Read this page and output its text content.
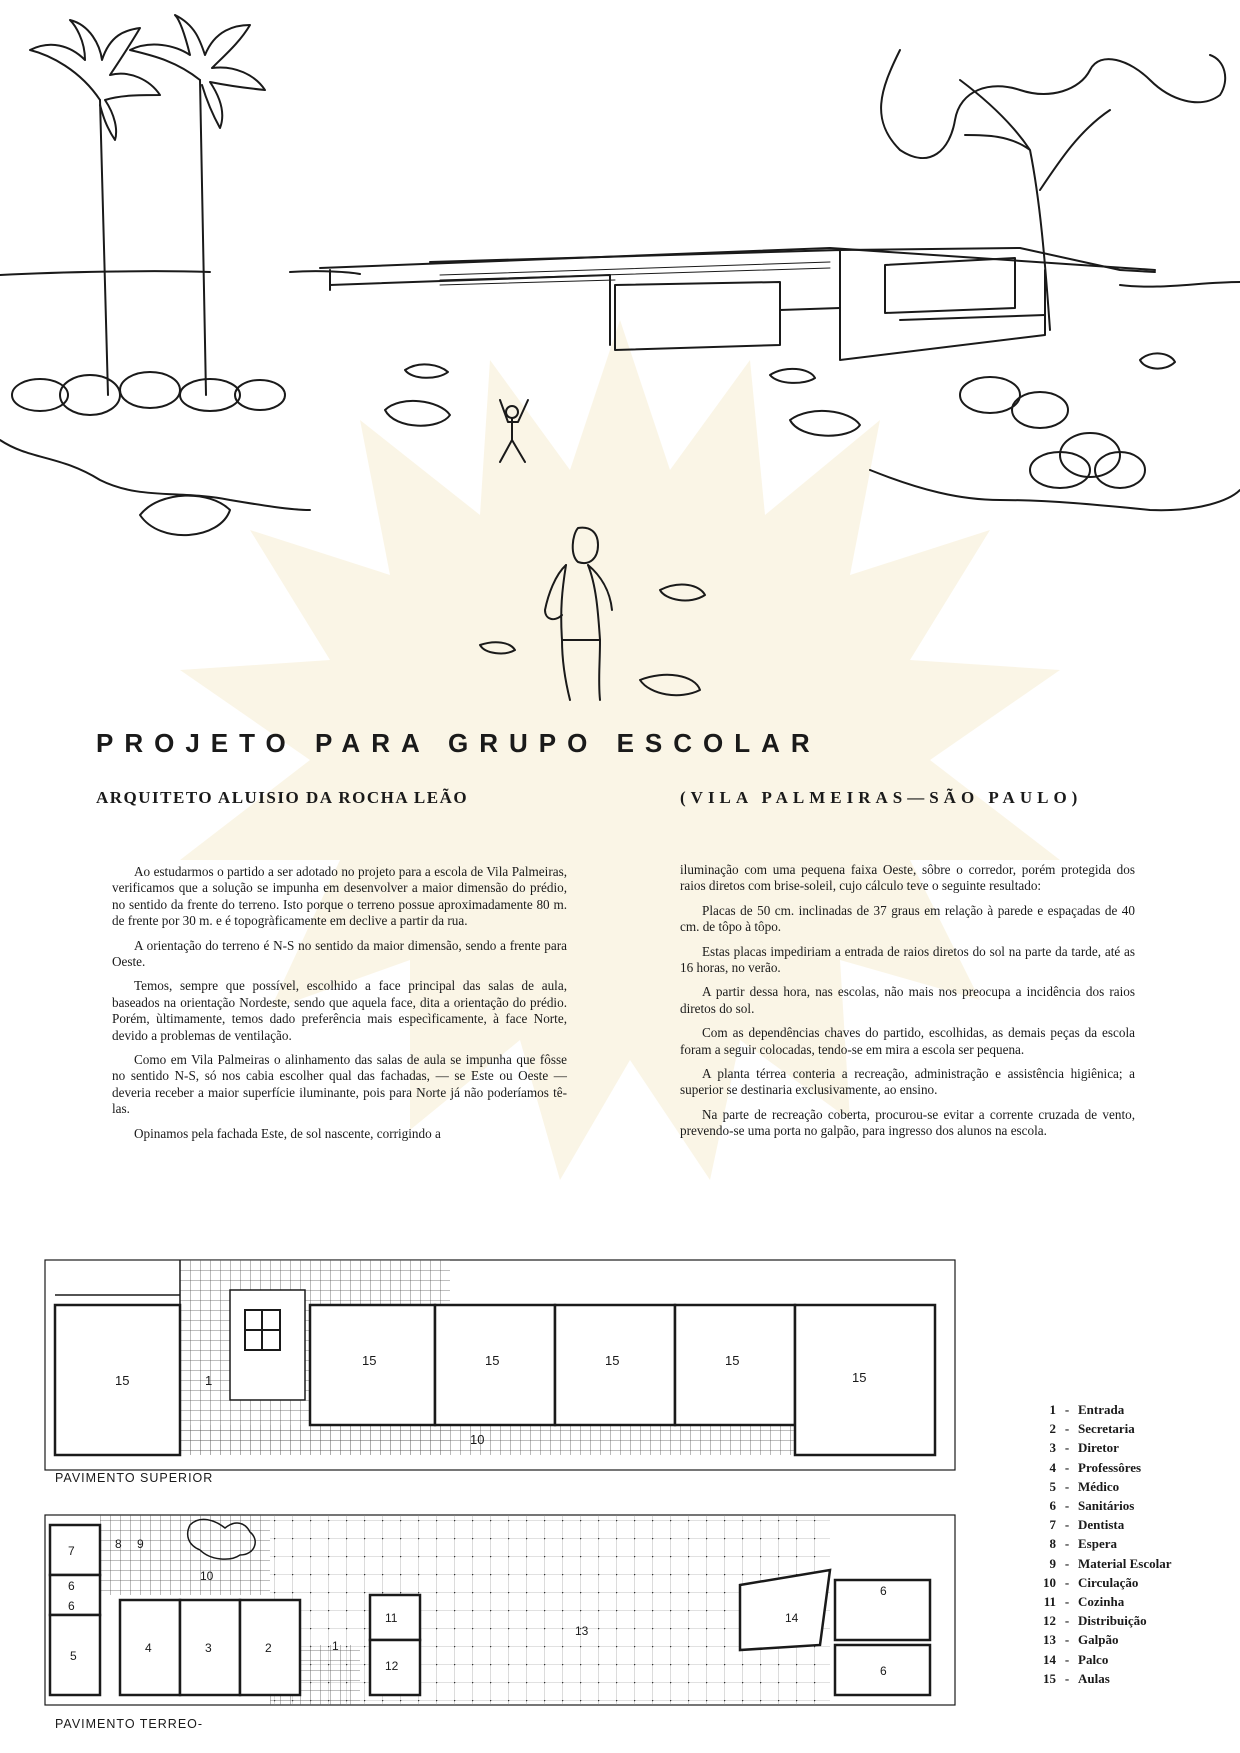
PROJETO PARA GRUPO ESCOLAR
ARQUITETO ALUISIO DA ROCHA LEÃO	(VILA PALMEIRAS—SÃO PAULO)

Ao estudarmos o partido a ser adotado no projeto para a escola de Vila Palmeiras, verificamos que a solução se impunha em desenvolver a maior dimensão do prédio, no sentido da frente do terreno. Isto porque o terreno possue aproximadamente 80 m. de frente por 30 m. e é topogràficamente em declive a partir da rua.

A orientação do terreno é N-S no sentido da maior dimensão, sendo a frente para Oeste.

Temos, sempre que possível, escolhido a face principal das salas de aula, baseados na orientação Nordeste, sendo que aquela face, dita a orientação do prédio. Porém, ùltimamente, temos dado preferência mais especìficamente, à face Norte, devido a problemas de ventilação.

Como em Vila Palmeiras o alinhamento das salas de aula se impunha que fôsse no sentido N-S, só nos cabia escolher qual das fachadas, — se Este ou Oeste — deveria receber a maior superfície iluminante, pois para Norte já não poderíamos tê-las.

Opinamos pela fachada Este, de sol nascente, corrigindo a

iluminação com uma pequena faixa Oeste, sôbre o corredor, porém protegida dos raios diretos com brise-soleil, cujo cálculo teve o seguinte resultado:

Placas de 50 cm. inclinadas de 37 graus em relação à parede e espaçadas de 40 cm. de tôpo à tôpo.

Estas placas impediriam a entrada de raios diretos do sol na parte da tarde, até as 16 horas, no verão.

A partir dessa hora, nas escolas, não mais nos preocupa a incidência dos raios diretos do sol.

Com as dependências chaves do partido, escolhidas, as demais peças da escola foram a seguir colocadas, tendo-se em mira a escola ser pequena.

A planta térrea conteria a recreação, administração e assistência higiênica; a superior se destinaria exclusivamente, ao ensino.

Na parte de recreação coberta, procurou-se evitar a corrente cruzada de vento, prevendo-se uma porta no galpão, para ingresso dos alunos na escola.

15	1
15	15	15	15
15
10
7	8 9
10
6
6
5
4	3	2	1
11
12
13
14
6
6
PAVIMENTO SUPERIOR
PAVIMENTO TERREO-
1 - Entrada
2 - Secretaria
3 - Diretor
4 - Professôres
5 - Médico
6 - Sanitários
7 - Dentista
8 - Espera
9 - Material Escolar
10 - Circulação
11 - Cozinha
12 - Distribuição
13 - Galpão
14 - Palco
15 - Aulas
